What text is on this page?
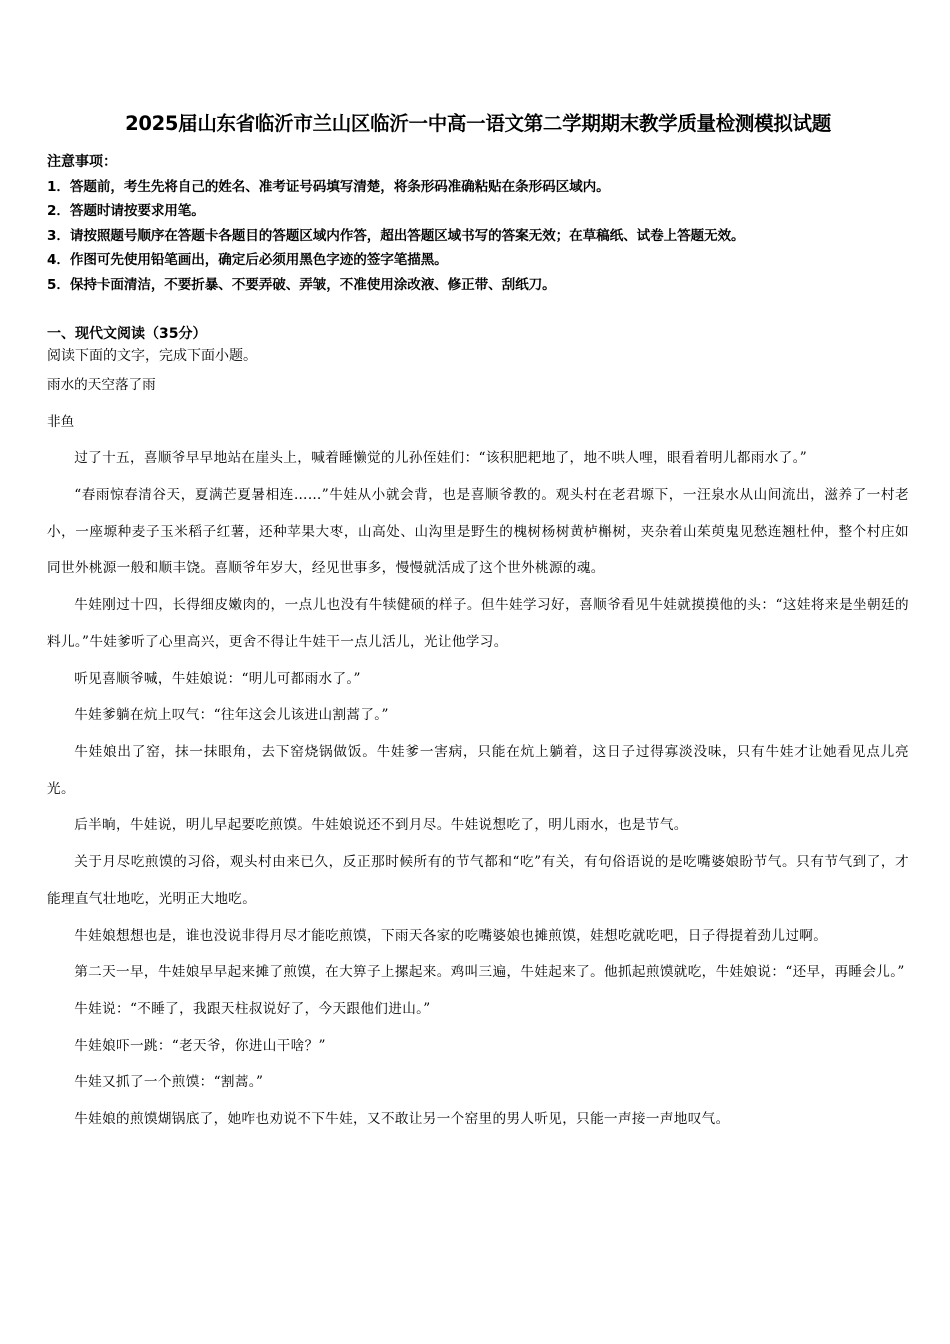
2025届山东省临沂市兰山区临沂一中高一语文第二学期期末教学质量检测模拟试题
注意事项：
1．答题前，考生先将自己的姓名、准考证号码填写清楚，将条形码准确粘贴在条形码区域内。
2．答题时请按要求用笔。
3．请按照题号顺序在答题卡各题目的答题区域内作答，超出答题区域书写的答案无效；在草稿纸、试卷上答题无效。
4．作图可先使用铅笔画出，确定后必须用黑色字迹的签字笔描黑。
5．保持卡面清洁，不要折暴、不要弄破、弄皱，不准使用涂改液、修正带、刮纸刀。
一、现代文阅读（35分）
阅读下面的文字，完成下面小题。
雨水的天空落了雨
非鱼

过了十五，喜顺爷早早地站在崖头上，喊着睡懒觉的儿孙侄娃们：“该积肥耙地了，地不哄人哩，眼看着明儿都雨水了。”

“春雨惊春清谷天，夏满芒夏暑相连……”牛娃从小就会背，也是喜顺爷教的。观头村在老君塬下，一汪泉水从山间流出，滋养了一村老小，一座塬种麦子玉米稻子红薯，还种苹果大枣，山高处、山沟里是野生的槐树杨树黄栌槲树，夹杂着山茱萸鬼见愁连翘杜仲，整个村庄如同世外桃源一般和顺丰饶。喜顺爷年岁大，经见世事多，慢慢就活成了这个世外桃源的魂。

牛娃刚过十四，长得细皮嫩肉的，一点儿也没有牛犊健硕的样子。但牛娃学习好，喜顺爷看见牛娃就摸摸他的头：“这娃将来是坐朝廷的料儿。”牛娃爹听了心里高兴，更舍不得让牛娃干一点儿活儿，光让他学习。

听见喜顺爷喊，牛娃娘说：“明儿可都雨水了。”

牛娃爹躺在炕上叹气：“往年这会儿该进山割蒿了。”

牛娃娘出了窑，抹一抹眼角，去下窑烧锅做饭。牛娃爹一害病，只能在炕上躺着，这日子过得寡淡没味，只有牛娃才让她看见点儿亮光。

后半晌，牛娃说，明儿早起要吃煎馍。牛娃娘说还不到月尽。牛娃说想吃了，明儿雨水，也是节气。

关于月尽吃煎馍的习俗，观头村由来已久，反正那时候所有的节气都和“吃”有关，有句俗语说的是吃嘴婆娘盼节气。只有节气到了，才能理直气壮地吃，光明正大地吃。

牛娃娘想想也是，谁也没说非得月尽才能吃煎馍，下雨天各家的吃嘴婆娘也摊煎馍，娃想吃就吃吧，日子得提着劲儿过啊。

第二天一早，牛娃娘早早起来摊了煎馍，在大箅子上摞起来。鸡叫三遍，牛娃起来了。他抓起煎馍就吃，牛娃娘说：“还早，再睡会儿。”

牛娃说：“不睡了，我跟天柱叔说好了，今天跟他们进山。”

牛娃娘吓一跳：“老天爷，你进山干啥？”

牛娃又抓了一个煎馍：“割蒿。”

牛娃娘的煎馍煳锅底了，她咋也劝说不下牛娃，又不敢让另一个窑里的男人听见，只能一声接一声地叹气。
